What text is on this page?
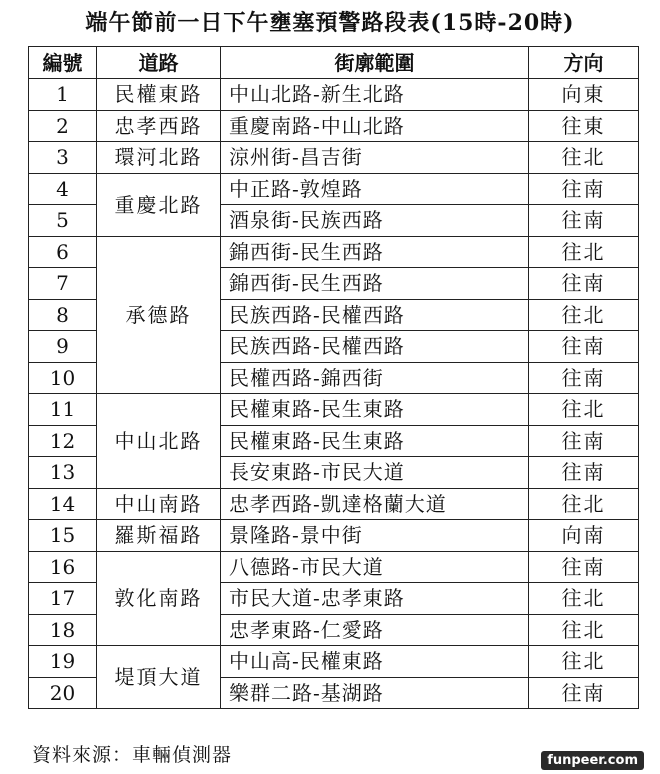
端午節前一日下午壅塞預警路段表(15時-20時)
編號	道路	街廓範圍	方向
1	民權東路	中山北路-新生北路	向東
2	忠孝西路	重慶南路-中山北路	往東
3	環河北路	涼州街-昌吉街	往北
4	重慶北路	中正路-敦煌路	往南
5		酒泉街-民族西路	往南
6	承德路	錦西街-民生西路	往北
7		錦西街-民生西路	往南
8		民族西路-民權西路	往北
9		民族西路-民權西路	往南
10		民權西路-錦西街	往南
11	中山北路	民權東路-民生東路	往北
12		民權東路-民生東路	往南
13		長安東路-市民大道	往南
14	中山南路	忠孝西路-凱達格蘭大道	往北
15	羅斯福路	景隆路-景中街	向南
16	敦化南路	八德路-市民大道	往南
17		市民大道-忠孝東路	往北
18		忠孝東路-仁愛路	往北
19	堤頂大道	中山高-民權東路	往北
20		樂群二路-基湖路	往南
資料來源：車輛偵測器	funpeer.com
